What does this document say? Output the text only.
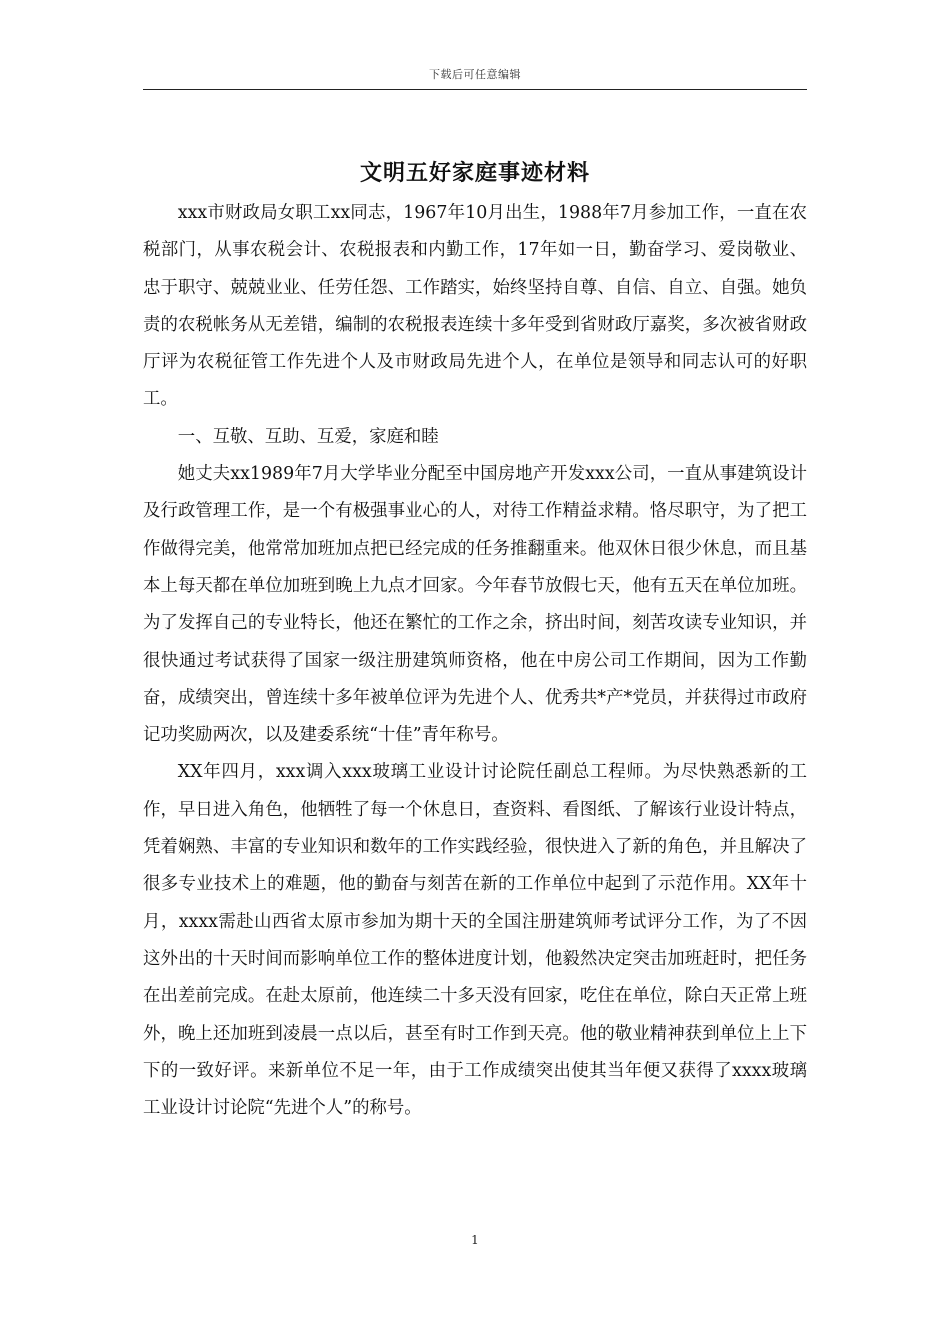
下载后可任意编辑
文明五好家庭事迹材料

xxx市财政局女职工xx同志，1967年10月出生，1988年7月参加工作，一直在农税部门，从事农税会计、农税报表和内勤工作，17年如一日，勤奋学习、爱岗敬业、忠于职守、兢兢业业、任劳任怨、工作踏实，始终坚持自尊、自信、自立、自强。她负责的农税帐务从无差错，编制的农税报表连续十多年受到省财政厅嘉奖，多次被省财政厅评为农税征管工作先进个人及市财政局先进个人，在单位是领导和同志认可的好职工。

一、互敬、互助、互爱，家庭和睦

她丈夫xx1989年7月大学毕业分配至中国房地产开发xxx公司，一直从事建筑设计及行政管理工作，是一个有极强事业心的人，对待工作精益求精。恪尽职守，为了把工作做得完美，他常常加班加点把已经完成的任务推翻重来。他双休日很少休息，而且基本上每天都在单位加班到晚上九点才回家。今年春节放假七天，他有五天在单位加班。为了发挥自己的专业特长，他还在繁忙的工作之余，挤出时间，刻苦攻读专业知识，并很快通过考试获得了国家一级注册建筑师资格，他在中房公司工作期间，因为工作勤奋，成绩突出，曾连续十多年被单位评为先进个人、优秀共*产*党员，并获得过市政府记功奖励两次，以及建委系统“十佳”青年称号。

XX年四月，xxx调入xxx玻璃工业设计讨论院任副总工程师。为尽快熟悉新的工作，早日进入角色，他牺牲了每一个休息日，查资料、看图纸、了解该行业设计特点，凭着娴熟、丰富的专业知识和数年的工作实践经验，很快进入了新的角色，并且解决了很多专业技术上的难题，他的勤奋与刻苦在新的工作单位中起到了示范作用。XX年十月，xxxx需赴山西省太原市参加为期十天的全国注册建筑师考试评分工作，为了不因这外出的十天时间而影响单位工作的整体进度计划，他毅然决定突击加班赶时，把任务在出差前完成。在赴太原前，他连续二十多天没有回家，吃住在单位，除白天正常上班外，晚上还加班到凌晨一点以后，甚至有时工作到天亮。他的敬业精神获到单位上上下下的一致好评。来新单位不足一年，由于工作成绩突出使其当年便又获得了xxxx玻璃工业设计讨论院“先进个人”的称号。

1
